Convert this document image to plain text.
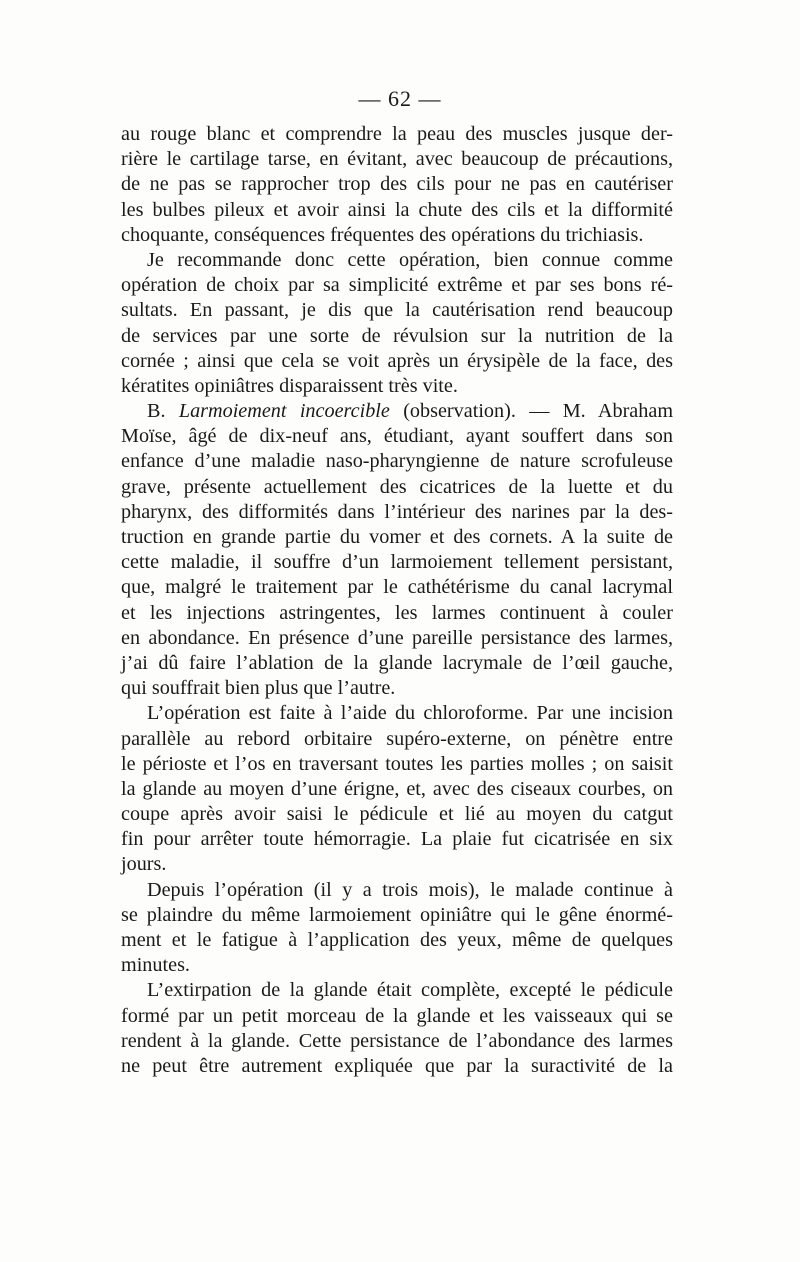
— 62 —
au rouge blanc et comprendre la peau des muscles jusque der-
rière le cartilage tarse, en évitant, avec beaucoup de précautions,
de ne pas se rapprocher trop des cils pour ne pas en cautériser
les bulbes pileux et avoir ainsi la chute des cils et la difformité
choquante, conséquences fréquentes des opérations du trichiasis.
Je recommande donc cette opération, bien connue comme
opération de choix par sa simplicité extrême et par ses bons ré-
sultats. En passant, je dis que la cautérisation rend beaucoup
de services par une sorte de révulsion sur la nutrition de la
cornée ; ainsi que cela se voit après un érysipèle de la face, des
kératites opiniâtres disparaissent très vite.
B. Larmoiement incoercible (observation). — M. Abraham
Moïse, âgé de dix-neuf ans, étudiant, ayant souffert dans son
enfance d’une maladie naso-pharyngienne de nature scrofuleuse
grave, présente actuellement des cicatrices de la luette et du
pharynx, des difformités dans l’intérieur des narines par la des-
truction en grande partie du vomer et des cornets. A la suite de
cette maladie, il souffre d’un larmoiement tellement persistant,
que, malgré le traitement par le cathétérisme du canal lacrymal
et les injections astringentes, les larmes continuent à couler
en abondance. En présence d’une pareille persistance des larmes,
j’ai dû faire l’ablation de la glande lacrymale de l’œil gauche,
qui souffrait bien plus que l’autre.
L’opération est faite à l’aide du chloroforme. Par une incision
parallèle au rebord orbitaire supéro-externe, on pénètre entre
le périoste et l’os en traversant toutes les parties molles ; on saisit
la glande au moyen d’une érigne, et, avec des ciseaux courbes, on
coupe après avoir saisi le pédicule et lié au moyen du catgut
fin pour arrêter toute hémorragie. La plaie fut cicatrisée en six
jours.
Depuis l’opération (il y a trois mois), le malade continue à
se plaindre du même larmoiement opiniâtre qui le gêne énormé-
ment et le fatigue à l’application des yeux, même de quelques
minutes.
L’extirpation de la glande était complète, excepté le pédicule
formé par un petit morceau de la glande et les vaisseaux qui se
rendent à la glande. Cette persistance de l’abondance des larmes
ne peut être autrement expliquée que par la suractivité de la
